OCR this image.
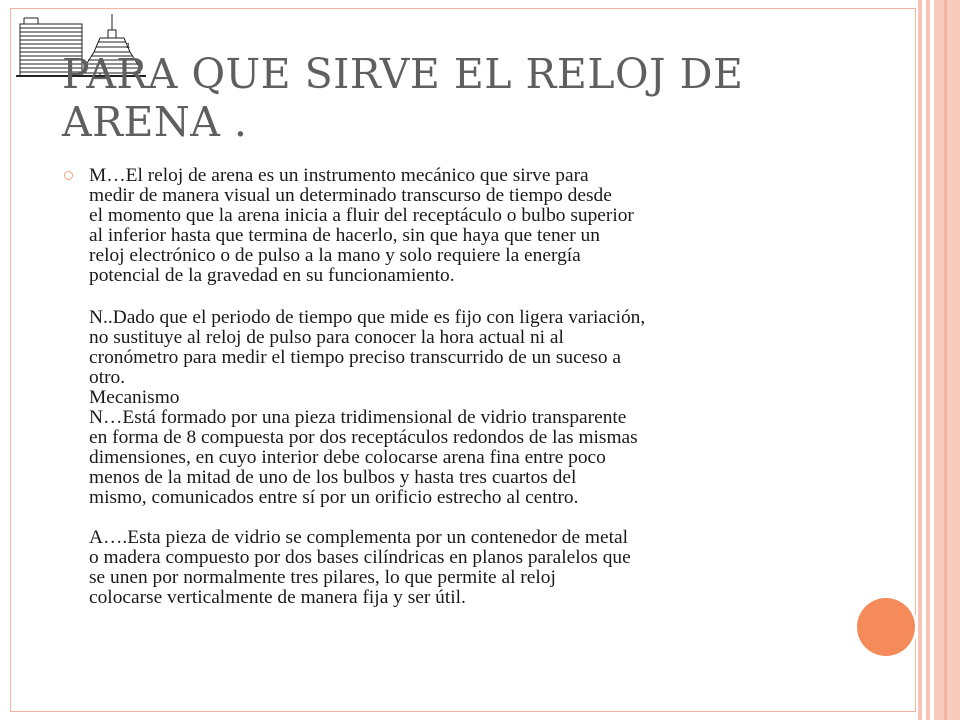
1
PARA QUE SIRVE EL RELOJ DE ARENA .

M…El reloj de arena es un instrumento mecánico que sirve para
medir de manera visual un determinado transcurso de tiempo desde
el momento que la arena inicia a fluir del receptáculo o bulbo superior
al inferior hasta que termina de hacerlo, sin que haya que tener un
reloj electrónico o de pulso a la mano y solo requiere la energía
potencial de la gravedad en su funcionamiento.

N..Dado que el periodo de tiempo que mide es fijo con ligera variación,
no sustituye al reloj de pulso para conocer la hora actual ni al
cronómetro para medir el tiempo preciso transcurrido de un suceso a
otro.
Mecanismo
N…Está formado por una pieza tridimensional de vidrio transparente
en forma de 8 compuesta por dos receptáculos redondos de las mismas
dimensiones, en cuyo interior debe colocarse arena fina entre poco
menos de la mitad de uno de los bulbos y hasta tres cuartos del
mismo, comunicados entre sí por un orificio estrecho al centro.

A….Esta pieza de vidrio se complementa por un contenedor de metal
o madera compuesto por dos bases cilíndricas en planos paralelos que
se unen por normalmente tres pilares, lo que permite al reloj
colocarse verticalmente de manera fija y ser útil.
